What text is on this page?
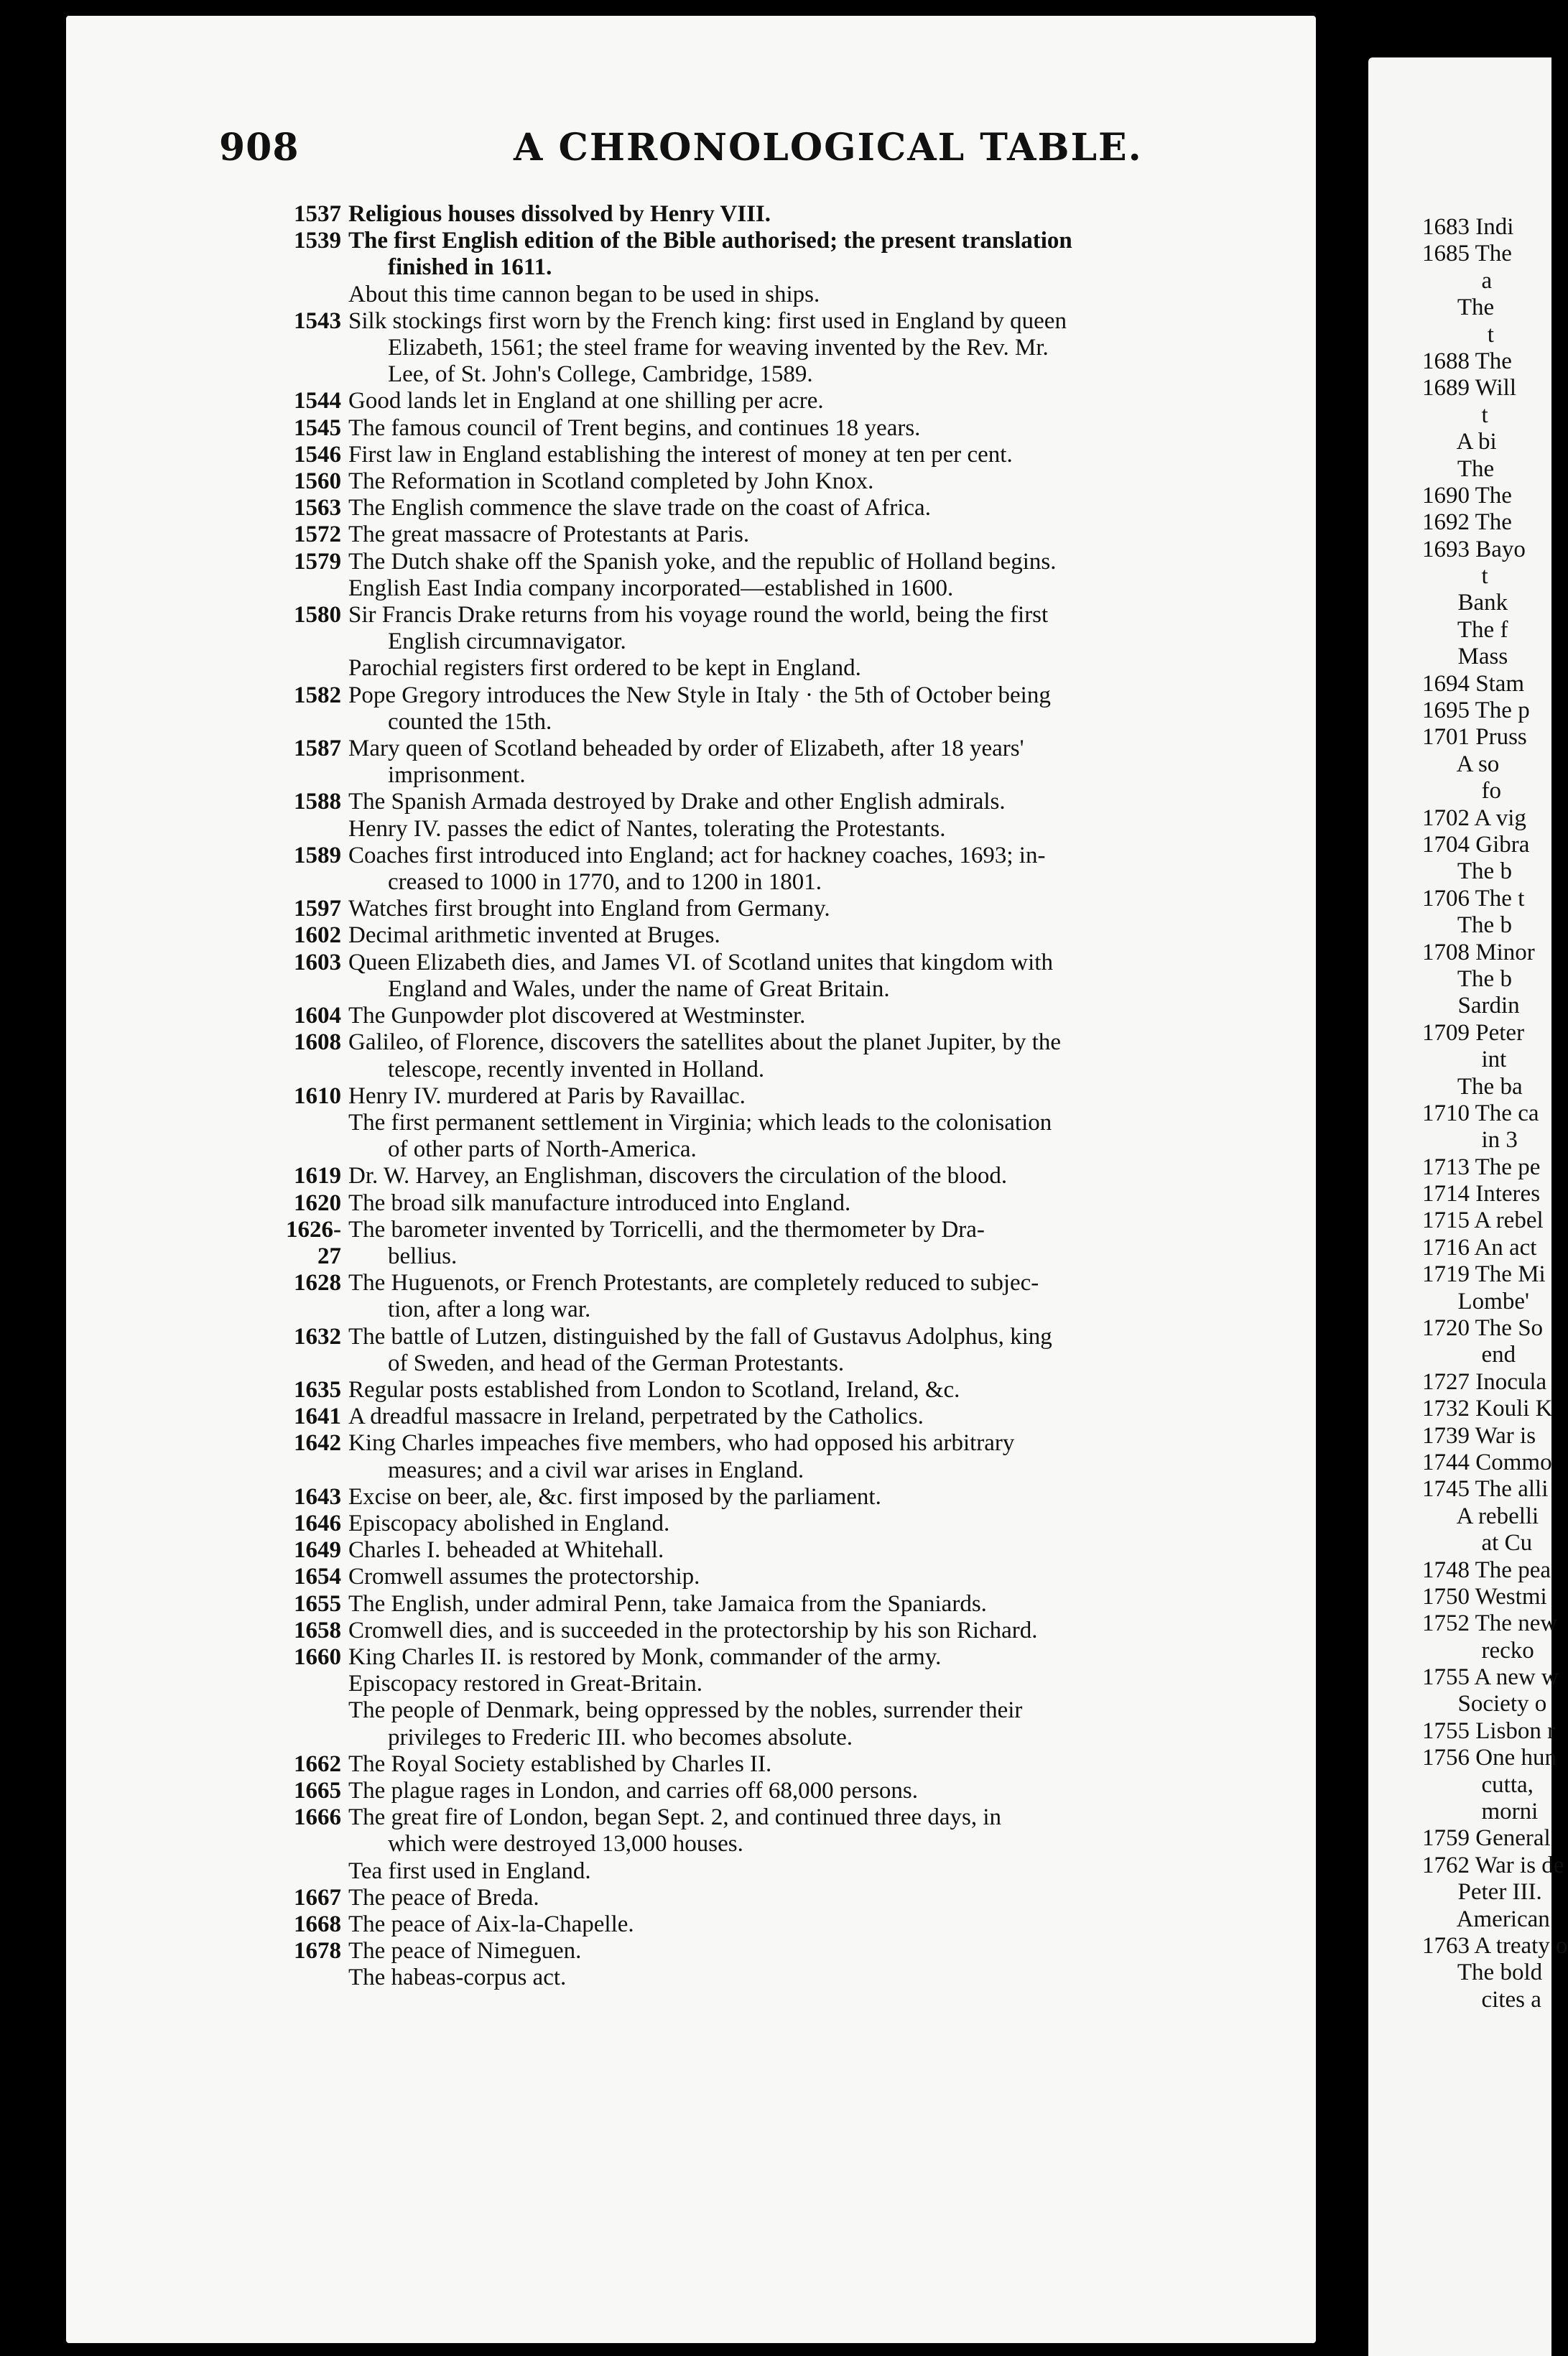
908	A CHRONOLOGICAL TABLE.
1537 Religious houses dissolved by Henry VIII.
1539 The first English edition of the Bible authorised; the present translation
finished in 1611.
About this time cannon began to be used in ships.
1543 Silk stockings first worn by the French king: first used in England by queen
Elizabeth, 1561; the steel frame for weaving invented by the Rev. Mr.
Lee, of St. John's College, Cambridge, 1589.
1544 Good lands let in England at one shilling per acre.
1545 The famous council of Trent begins, and continues 18 years.
1546 First law in England establishing the interest of money at ten per cent.
1560 The Reformation in Scotland completed by John Knox.
1563 The English commence the slave trade on the coast of Africa.
1572 The great massacre of Protestants at Paris.
1579 The Dutch shake off the Spanish yoke, and the republic of Holland begins.
English East India company incorporated—established in 1600.
1580 Sir Francis Drake returns from his voyage round the world, being the first
English circumnavigator.
Parochial registers first ordered to be kept in England.
1582 Pope Gregory introduces the New Style in Italy · the 5th of October being
counted the 15th.
1587 Mary queen of Scotland beheaded by order of Elizabeth, after 18 years'
imprisonment.
1588 The Spanish Armada destroyed by Drake and other English admirals.
Henry IV. passes the edict of Nantes, tolerating the Protestants.
1589 Coaches first introduced into England; act for hackney coaches, 1693; in-
creased to 1000 in 1770, and to 1200 in 1801.
1597 Watches first brought into England from Germany.
1602 Decimal arithmetic invented at Bruges.
1603 Queen Elizabeth dies, and James VI. of Scotland unites that kingdom with
England and Wales, under the name of Great Britain.
1604 The Gunpowder plot discovered at Westminster.
1608 Galileo, of Florence, discovers the satellites about the planet Jupiter, by the
telescope, recently invented in Holland.
1610 Henry IV. murdered at Paris by Ravaillac.
The first permanent settlement in Virginia; which leads to the colonisation
of other parts of North-America.
1619 Dr. W. Harvey, an Englishman, discovers the circulation of the blood.
1620 The broad silk manufacture introduced into England.
1626-27
The barometer invented by Torricelli, and the thermometer by Dra-
bellius.
1628 The Huguenots, or French Protestants, are completely reduced to subjec-
tion, after a long war.
1632 The battle of Lutzen, distinguished by the fall of Gustavus Adolphus, king
of Sweden, and head of the German Protestants.
1635 Regular posts established from London to Scotland, Ireland, &c.
1641 A dreadful massacre in Ireland, perpetrated by the Catholics.
1642 King Charles impeaches five members, who had opposed his arbitrary
measures; and a civil war arises in England.
1643 Excise on beer, ale, &c. first imposed by the parliament.
1646 Episcopacy abolished in England.
1649 Charles I. beheaded at Whitehall.
1654 Cromwell assumes the protectorship.
1655 The English, under admiral Penn, take Jamaica from the Spaniards.
1658 Cromwell dies, and is succeeded in the protectorship by his son Richard.
1660 King Charles II. is restored by Monk, commander of the army.
Episcopacy restored in Great-Britain.
The people of Denmark, being oppressed by the nobles, surrender their
privileges to Frederic III. who becomes absolute.
1662 The Royal Society established by Charles II.
1665 The plague rages in London, and carries off 68,000 persons.
1666 The great fire of London, began Sept. 2, and continued three days, in
which were destroyed 13,000 houses.
Tea first used in England.
1667 The peace of Breda.
1668 The peace of Aix-la-Chapelle.
1678 The peace of Nimeguen.
The habeas-corpus act.
1683 Indi
1685 The
a
The
t
1688 The
1689 Will
t
A bi
The
1690 The
1692 The
1693 Bayo
t
Bank
The f
Mass
1694 Stam
1695 The p
1701 Pruss
A so
fo
1702 A vig
1704 Gibra
The b
1706 The t
The b
1708 Minor
The b
Sardin
1709 Peter
int
The ba
1710 The ca
in 3
1713 The pe
1714 Interes
1715 A rebel
1716 An act
1719 The Mi
Lombe'
1720 The So
end
1727 Inocula
1732 Kouli K
1739 War is
1744 Commo
1745 The alli
A rebelli
at Cu
1748 The pea
1750 Westmi
1752 The new
recko
1755 A new w
Society o
1755 Lisbon r
1756 One hun
cutta,
morni
1759 General
1762 War is de
Peter III.
American
1763 A treaty o
The bold
cites a
